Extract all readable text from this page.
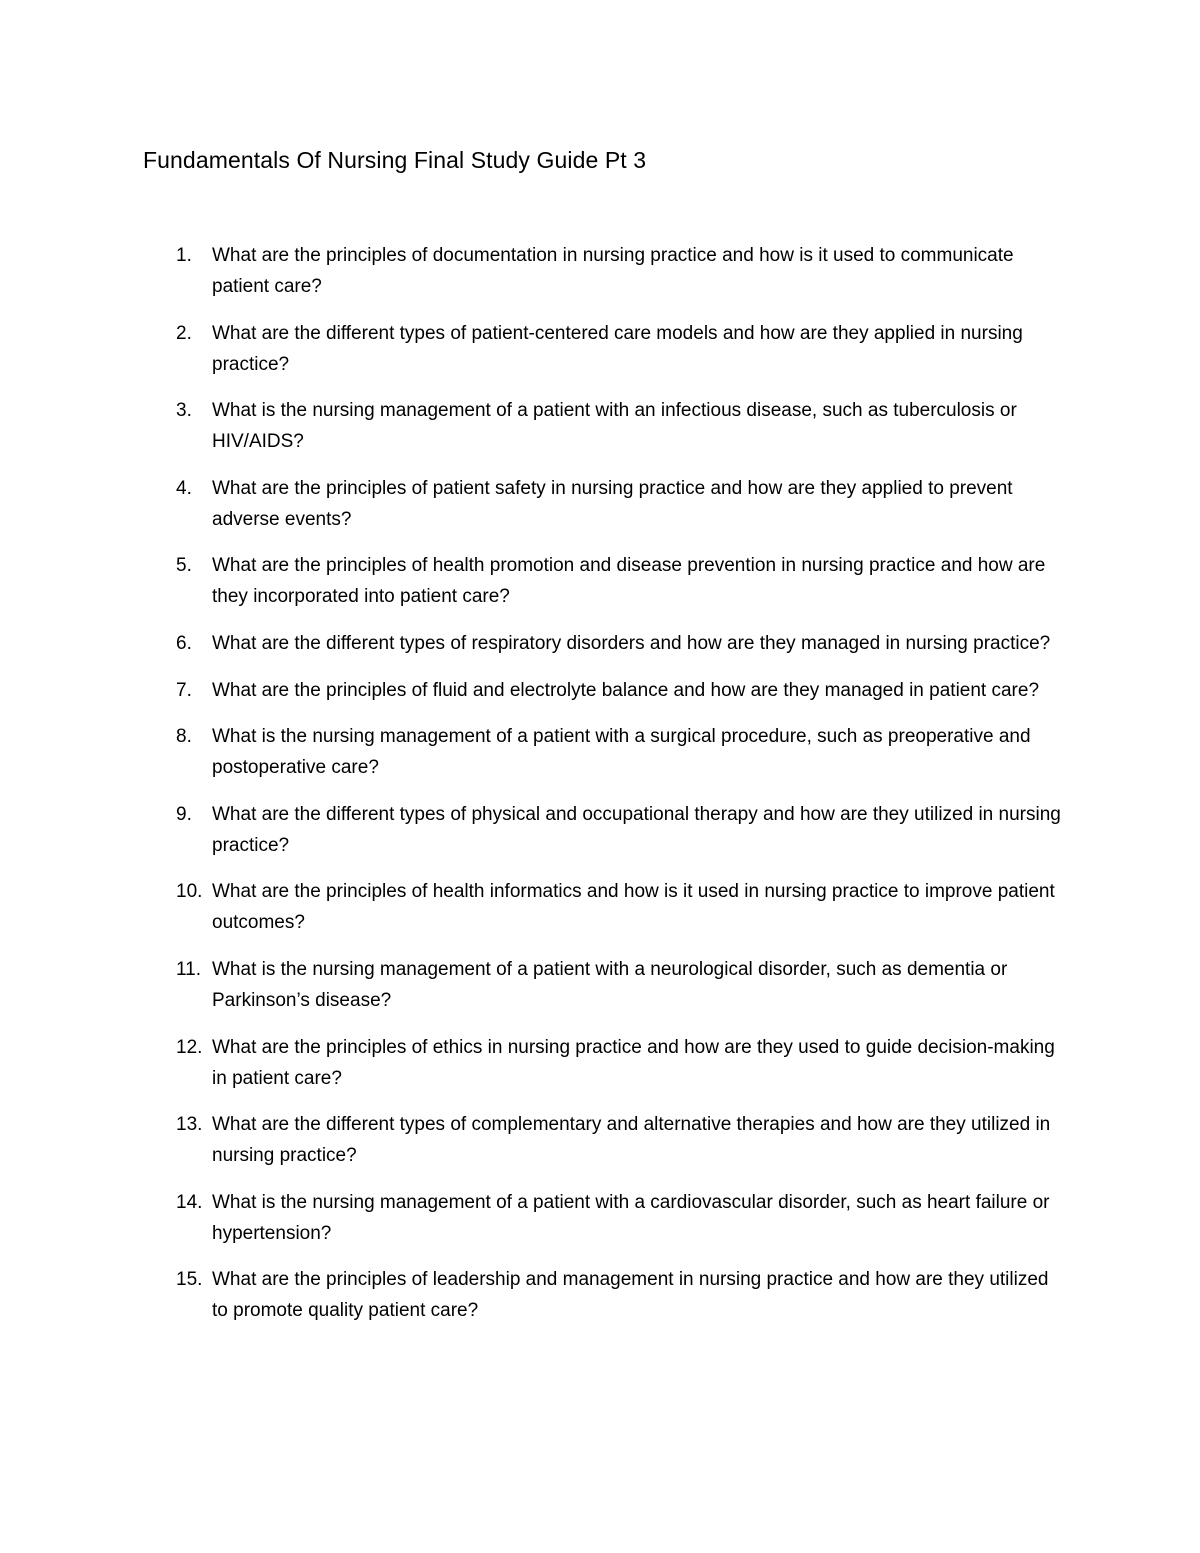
Fundamentals Of Nursing Final Study Guide Pt 3
1. What are the principles of documentation in nursing practice and how is it used to communicate patient care?
2. What are the different types of patient-centered care models and how are they applied in nursing practice?
3. What is the nursing management of a patient with an infectious disease, such as tuberculosis or HIV/AIDS?
4. What are the principles of patient safety in nursing practice and how are they applied to prevent adverse events?
5. What are the principles of health promotion and disease prevention in nursing practice and how are they incorporated into patient care?
6. What are the different types of respiratory disorders and how are they managed in nursing practice?
7. What are the principles of fluid and electrolyte balance and how are they managed in patient care?
8. What is the nursing management of a patient with a surgical procedure, such as preoperative and postoperative care?
9. What are the different types of physical and occupational therapy and how are they utilized in nursing practice?
10. What are the principles of health informatics and how is it used in nursing practice to improve patient outcomes?
11. What is the nursing management of a patient with a neurological disorder, such as dementia or Parkinson’s disease?
12. What are the principles of ethics in nursing practice and how are they used to guide decision-making in patient care?
13. What are the different types of complementary and alternative therapies and how are they utilized in nursing practice?
14. What is the nursing management of a patient with a cardiovascular disorder, such as heart failure or hypertension?
15. What are the principles of leadership and management in nursing practice and how are they utilized to promote quality patient care?
